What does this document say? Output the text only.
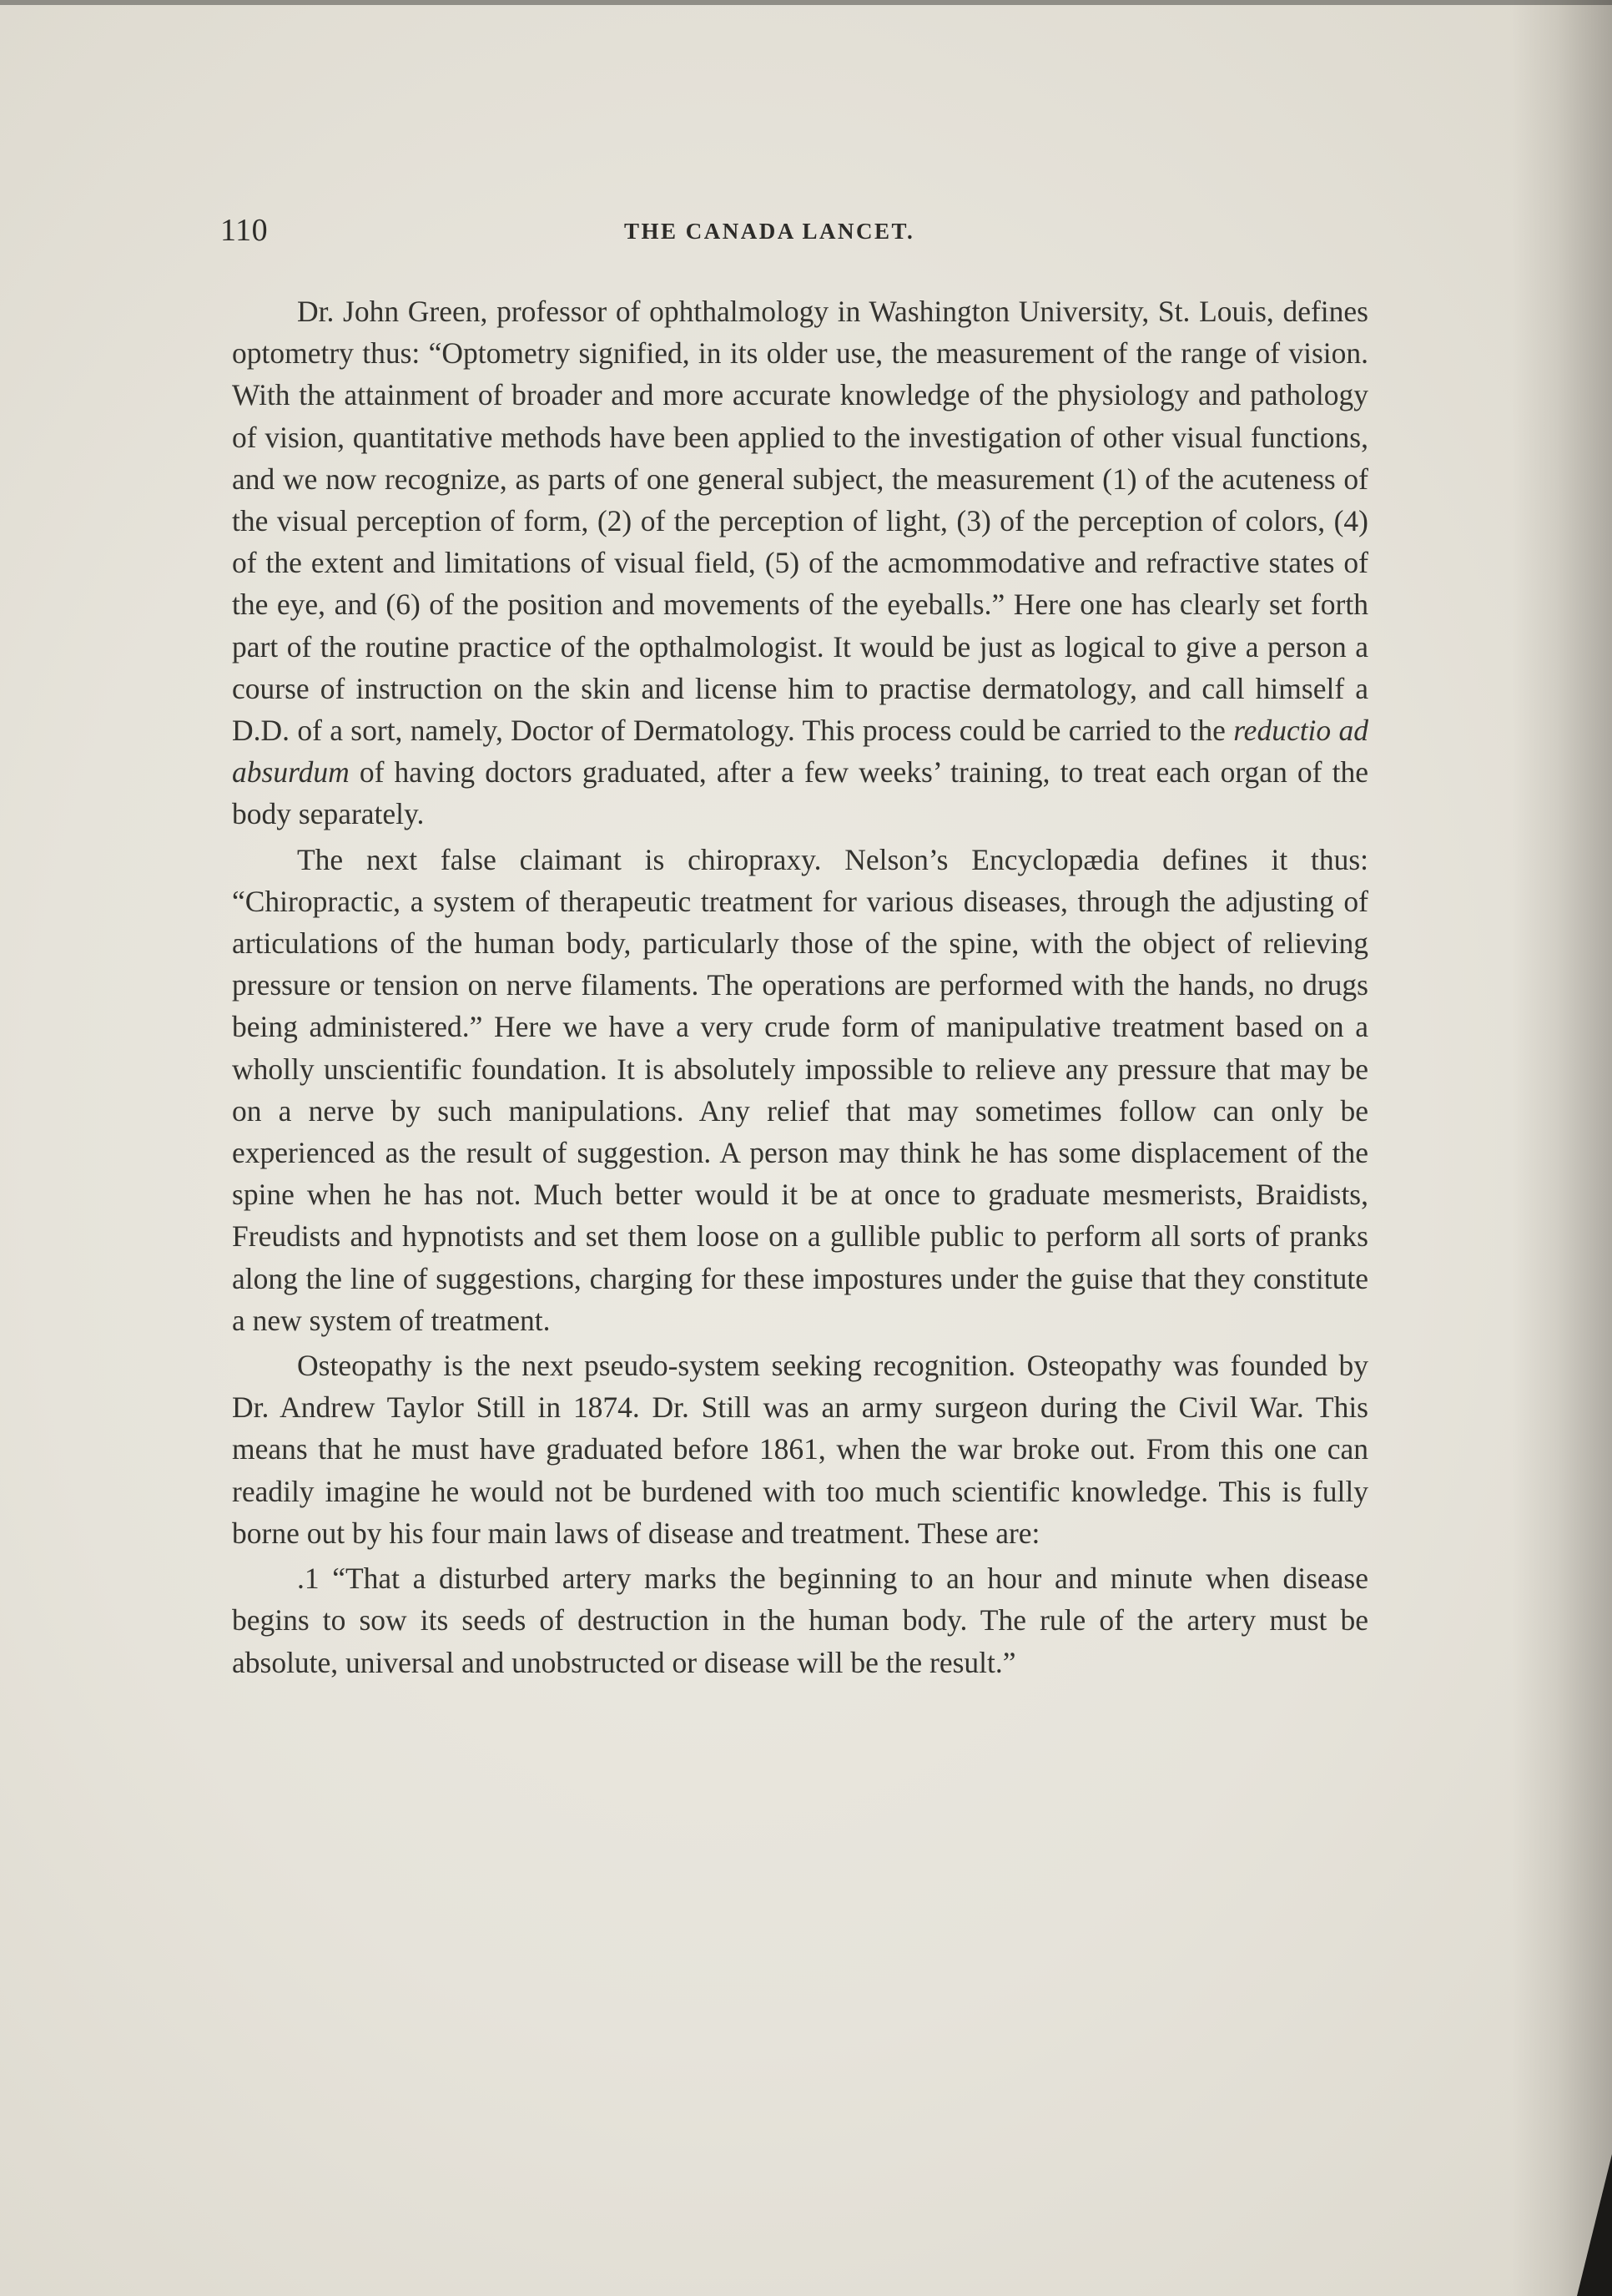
110	THE CANADA LANCET.

Dr. John Green, professor of ophthalmology in Washington University, St. Louis, defines optometry thus: “Optometry signified, in its older use, the measurement of the range of vision. With the attainment of broader and more accurate knowledge of the physiology and pathology of vision, quantitative methods have been applied to the investigation of other visual functions, and we now recognize, as parts of one general subject, the measurement (1) of the acuteness of the visual perception of form, (2) of the perception of light, (3) of the perception of colors, (4) of the extent and limitations of visual field, (5) of the acmommodative and refractive states of the eye, and (6) of the position and movements of the eyeballs.” Here one has clearly set forth part of the routine practice of the opthalmologist. It would be just as logical to give a person a course of instruction on the skin and license him to practise dermatology, and call himself a D.D. of a sort, namely, Doctor of Dermatology. This process could be carried to the reductio ad absurdum of having doctors graduated, after a few weeks’ training, to treat each organ of the body separately.

The next false claimant is chiropraxy. Nelson’s Encyclopædia defines it thus: “Chiropractic, a system of therapeutic treatment for various diseases, through the adjusting of articulations of the human body, particularly those of the spine, with the object of relieving pressure or tension on nerve filaments. The operations are performed with the hands, no drugs being administered.” Here we have a very crude form of manipulative treatment based on a wholly unscientific foundation. It is absolutely impossible to relieve any pressure that may be on a nerve by such manipulations. Any relief that may sometimes follow can only be experienced as the result of suggestion. A person may think he has some displacement of the spine when he has not. Much better would it be at once to graduate mesmerists, Braidists, Freudists and hypnotists and set them loose on a gullible public to perform all sorts of pranks along the line of suggestions, charging for these impostures under the guise that they constitute a new system of treatment.

Osteopathy is the next pseudo-system seeking recognition. Osteopathy was founded by Dr. Andrew Taylor Still in 1874. Dr. Still was an army surgeon during the Civil War. This means that he must have graduated before 1861, when the war broke out. From this one can readily imagine he would not be burdened with too much scientific knowledge. This is fully borne out by his four main laws of disease and treatment. These are:

.1 “That a disturbed artery marks the beginning to an hour and minute when disease begins to sow its seeds of destruction in the human body. The rule of the artery must be absolute, universal and unobstructed or disease will be the result.”
